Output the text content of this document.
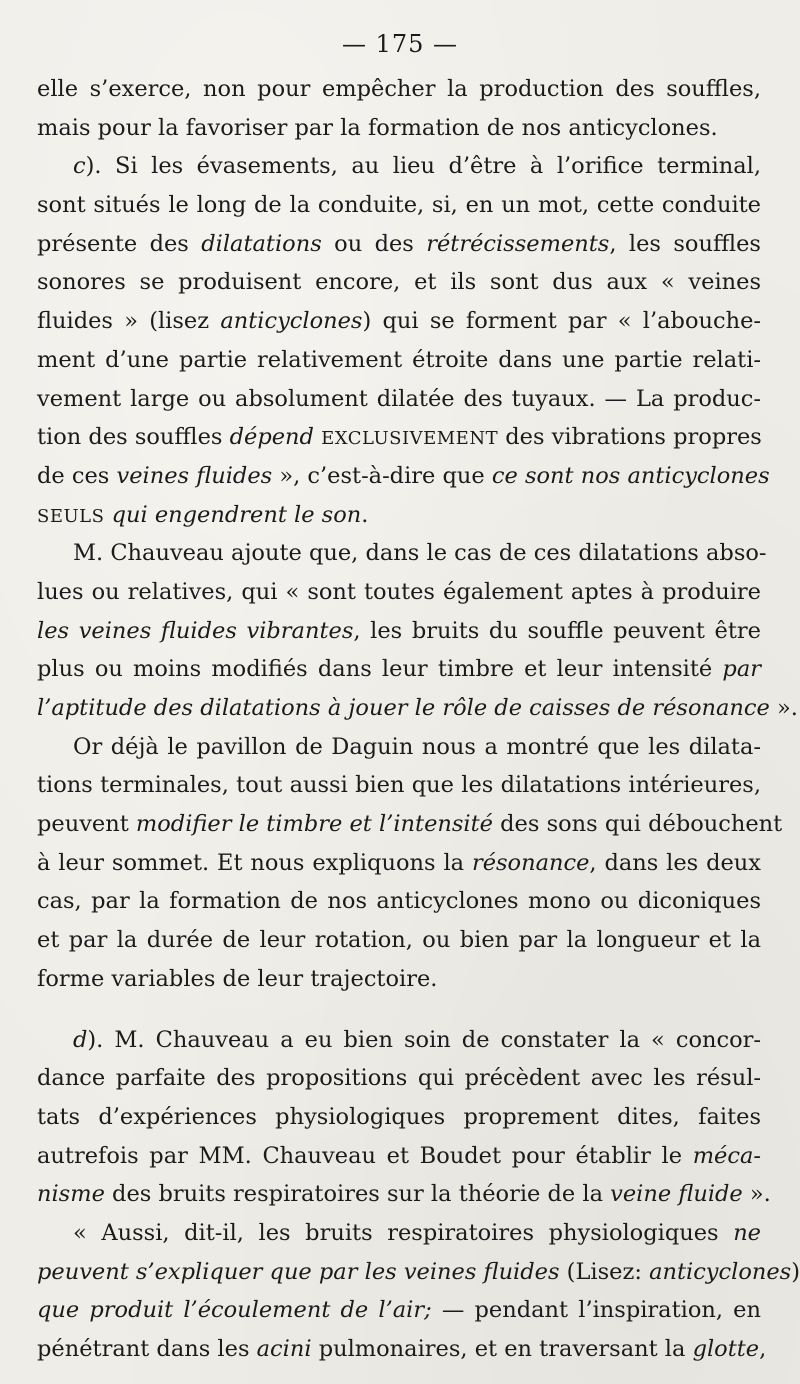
— 175 —
elle s’exerce, non pour empêcher la production des souffles,
mais pour la favoriser par la formation de nos anticyclones.
c). Si les évasements, au lieu d’être à l’orifice terminal,
sont situés le long de la conduite, si, en un mot, cette conduite
présente des dilatations ou des rétrécissements, les souffles
sonores se produisent encore, et ils sont dus aux « veines
fluides » (lisez anticyclones) qui se forment par « l’abouche-
ment d’une partie relativement étroite dans une partie relati-
vement large ou absolument dilatée des tuyaux. — La produc-
tion des souffles dépend EXCLUSIVEMENT des vibrations propres
de ces veines fluides », c’est-à-dire que ce sont nos anticyclones
SEULS qui engendrent le son.
M. Chauveau ajoute que, dans le cas de ces dilatations abso-
lues ou relatives, qui « sont toutes également aptes à produire
les veines fluides vibrantes, les bruits du souffle peuvent être
plus ou moins modifiés dans leur timbre et leur intensité par
l’aptitude des dilatations à jouer le rôle de caisses de résonance ».
Or déjà le pavillon de Daguin nous a montré que les dilata-
tions terminales, tout aussi bien que les dilatations intérieures,
peuvent modifier le timbre et l’intensité des sons qui débouchent
à leur sommet. Et nous expliquons la résonance, dans les deux
cas, par la formation de nos anticyclones mono ou diconiques
et par la durée de leur rotation, ou bien par la longueur et la
forme variables de leur trajectoire.
d). M. Chauveau a eu bien soin de constater la « concor-
dance parfaite des propositions qui précèdent avec les résul-
tats d’expériences physiologiques proprement dites, faites
autrefois par MM. Chauveau et Boudet pour établir le méca-
nisme des bruits respiratoires sur la théorie de la veine fluide ».
« Aussi, dit-il, les bruits respiratoires physiologiques ne
peuvent s’expliquer que par les veines fluides (Lisez: anticyclones)
que produit l’écoulement de l’air; — pendant l’inspiration, en
pénétrant dans les acini pulmonaires, et en traversant la glotte,
